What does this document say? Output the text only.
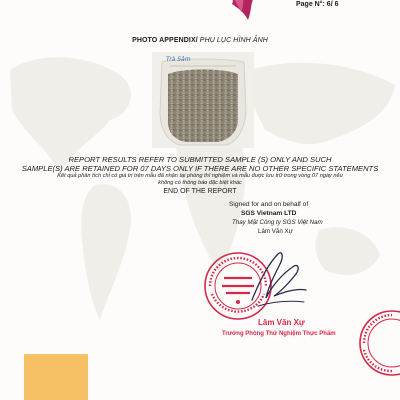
Page N°: 6/ 6
PHOTO APPENDIX/ PHỤ LỤC HÌNH ẢNH
Trà Sâm
REPORT RESULTS REFER TO SUBMITTED SAMPLE (S) ONLY AND SUCH
SAMPLE(S) ARE RETAINED FOR 07 DAYS ONLY IF THERE ARE NO OTHER SPECIFIC STATEMENTS
Kết quả phân tích chỉ có giá trị trên mẫu đã nhận tại phòng thí nghiệm và mẫu được lưu trữ trong vòng 07 ngày nếu
không có thông báo đặc biệt khác
END OF THE REPORT
Signed for and on behalf of
SGS Vietnam LTD
Thay Mặt Công ty SGS Việt Nam
Lâm Văn Xự
Lâm Văn Xự
Trưởng Phòng Thử Nghiệm Thực Phẩm
